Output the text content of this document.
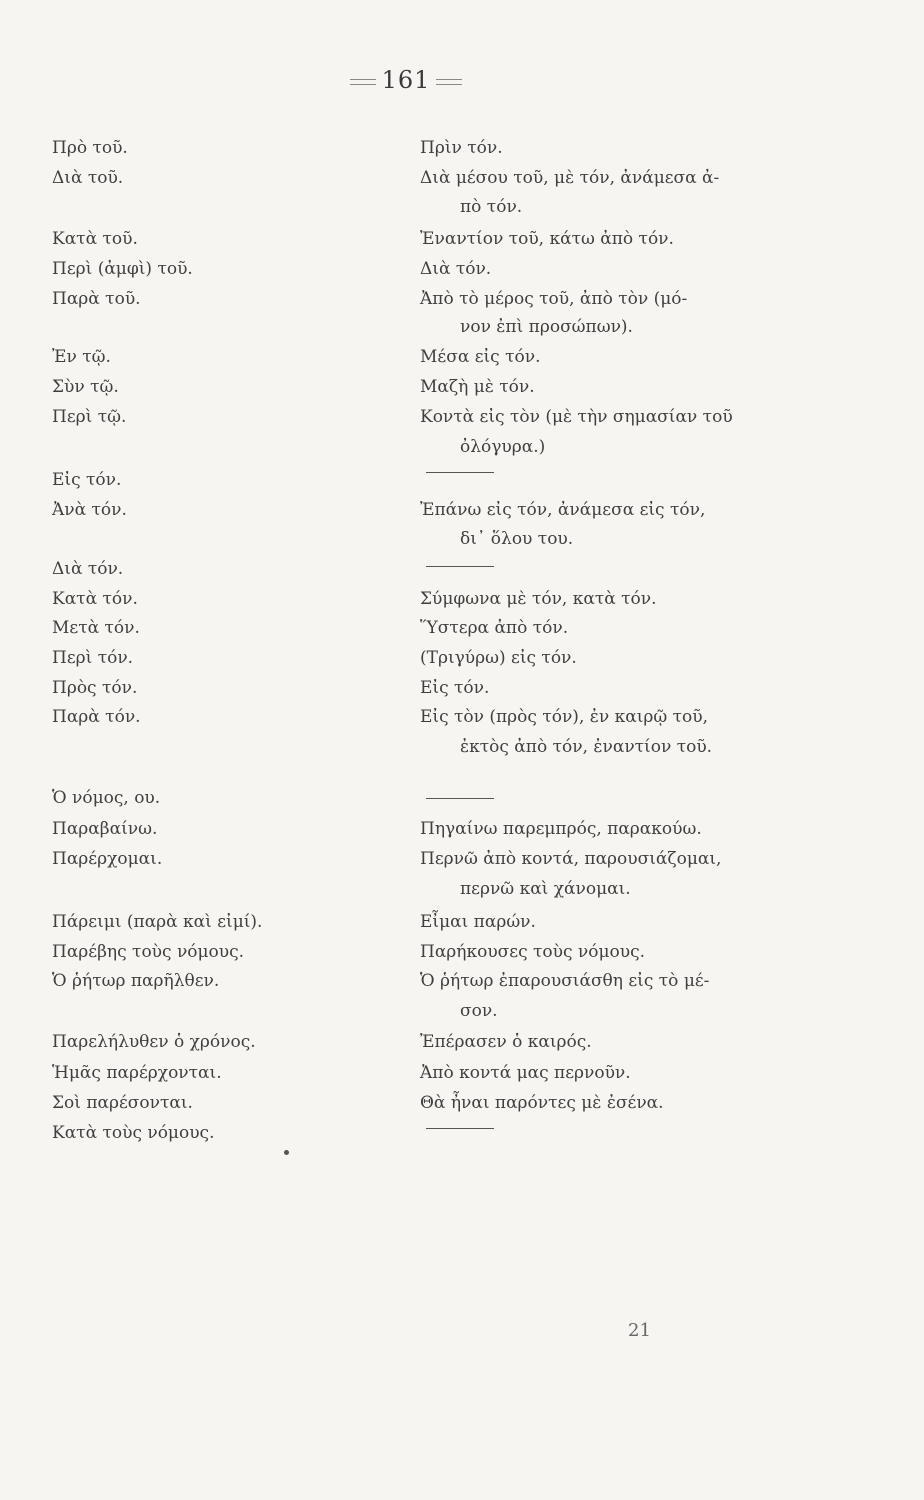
161
Πρὸ τοῦ.
Διὰ τοῦ.
Κατὰ τοῦ.
Περὶ (ἀμφὶ) τοῦ.
Παρὰ τοῦ.
Ἐν τῷ.
Σὺν τῷ.
Περὶ τῷ.
Εἰς τόν.
Ἀνὰ τόν.
Διὰ τόν.
Κατὰ τόν.
Μετὰ τόν.
Περὶ τόν.
Πρὸς τόν.
Παρὰ τόν.
Ὁ νόμος, ου.
Παραβαίνω.
Παρέρχομαι.
Πάρειμι (παρὰ καὶ εἰμί).
Παρέβης τοὺς νόμους.
Ὁ ῥήτωρ παρῆλθεν.
Παρελήλυθεν ὁ χρόνος.
Ἡμᾶς παρέρχονται.
Σοὶ παρέσονται.
Κατὰ τοὺς νόμους.
Πρὶν τόν.
Διὰ μέσου τοῦ, μὲ τόν, ἀνάμεσα ἀ-
πὸ τόν.
Ἐναντίον τοῦ, κάτω ἀπὸ τόν.
Διὰ τόν.
Ἀπὸ τὸ μέρος τοῦ, ἀπὸ τὸν (μό-
νον ἐπὶ προσώπων).
Μέσα εἰς τόν.
Μαζὴ μὲ τόν.
Κοντὰ εἰς τὸν (μὲ τὴν σημασίαν τοῦ
ὀλόγυρα.)
Ἐπάνω εἰς τόν, ἀνάμεσα εἰς τόν,
δι᾽ ὅλου του.
Σύμφωνα μὲ τόν, κατὰ τόν.
Ὕστερα ἀπὸ τόν.
(Τριγύρω) εἰς τόν.
Εἰς τόν.
Εἰς τὸν (πρὸς τόν), ἐν καιρῷ τοῦ,
ἐκτὸς ἀπὸ τόν, ἐναντίον τοῦ.
Πηγαίνω παρεμπρός, παρακούω.
Περνῶ ἀπὸ κοντά, παρουσιάζομαι,
περνῶ καὶ χάνομαι.
Εἶμαι παρών.
Παρήκουσες τοὺς νόμους.
Ὁ ῥήτωρ ἐπαρουσιάσθη εἰς τὸ μέ-
σον.
Ἐπέρασεν ὁ καιρός.
Ἀπὸ κοντά μας περνοῦν.
Θὰ ἦναι παρόντες μὲ ἐσένα.
21
